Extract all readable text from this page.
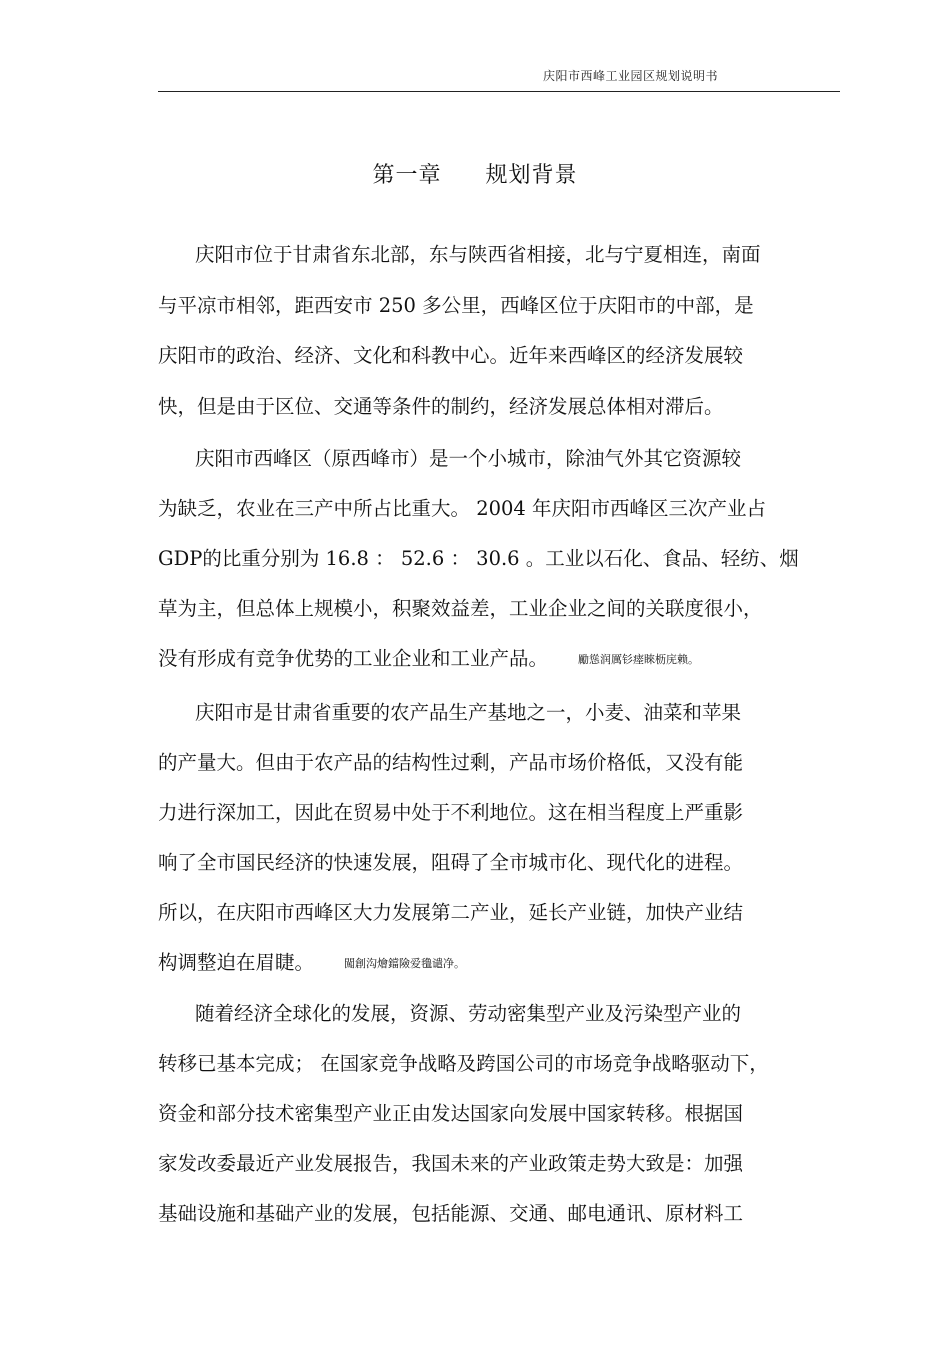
庆阳市西峰工业园区规划说明书
第一章 规划背景
庆阳市位于甘肃省东北部，东与陕西省相接，北与宁夏相连，南面
与平凉市相邻，距西安市 250 多公里，西峰区位于庆阳市的中部，是
庆阳市的政治、经济、文化和科教中心。近年来西峰区的经济发展较
快，但是由于区位、交通等条件的制约，经济发展总体相对滞后。
庆阳市西峰区（原西峰市）是一个小城市，除油气外其它资源较
为缺乏，农业在三产中所占比重大。 2004 年庆阳市西峰区三次产业占
GDP的比重分别为 16.8 ： 52.6 ： 30.6 。工业以石化、食品、轻纺、烟
草为主，但总体上规模小，积聚效益差，工业企业之间的关联度很小，
没有形成有竞争优势的工业企业和工业产品。	勵慫润厲钐瘗睞枥庑赖。
庆阳市是甘肃省重要的农产品生产基地之一，小麦、油菜和苹果
的产量大。但由于农产品的结构性过剩，产品市场价格低，又没有能
力进行深加工，因此在贸易中处于不利地位。这在相当程度上严重影
响了全市国民经济的快速发展，阻碍了全市城市化、现代化的进程。
所以，在庆阳市西峰区大力发展第二产业，延长产业链，加快产业结
构调整迫在眉睫。	闖創沟燴鐺險爱氇谴净。
随着经济全球化的发展，资源、劳动密集型产业及污染型产业的
转移已基本完成； 在国家竞争战略及跨国公司的市场竞争战略驱动下，
资金和部分技术密集型产业正由发达国家向发展中国家转移。根据国
家发改委最近产业发展报告，我国未来的产业政策走势大致是：加强
基础设施和基础产业的发展，包括能源、交通、邮电通讯、原材料工
